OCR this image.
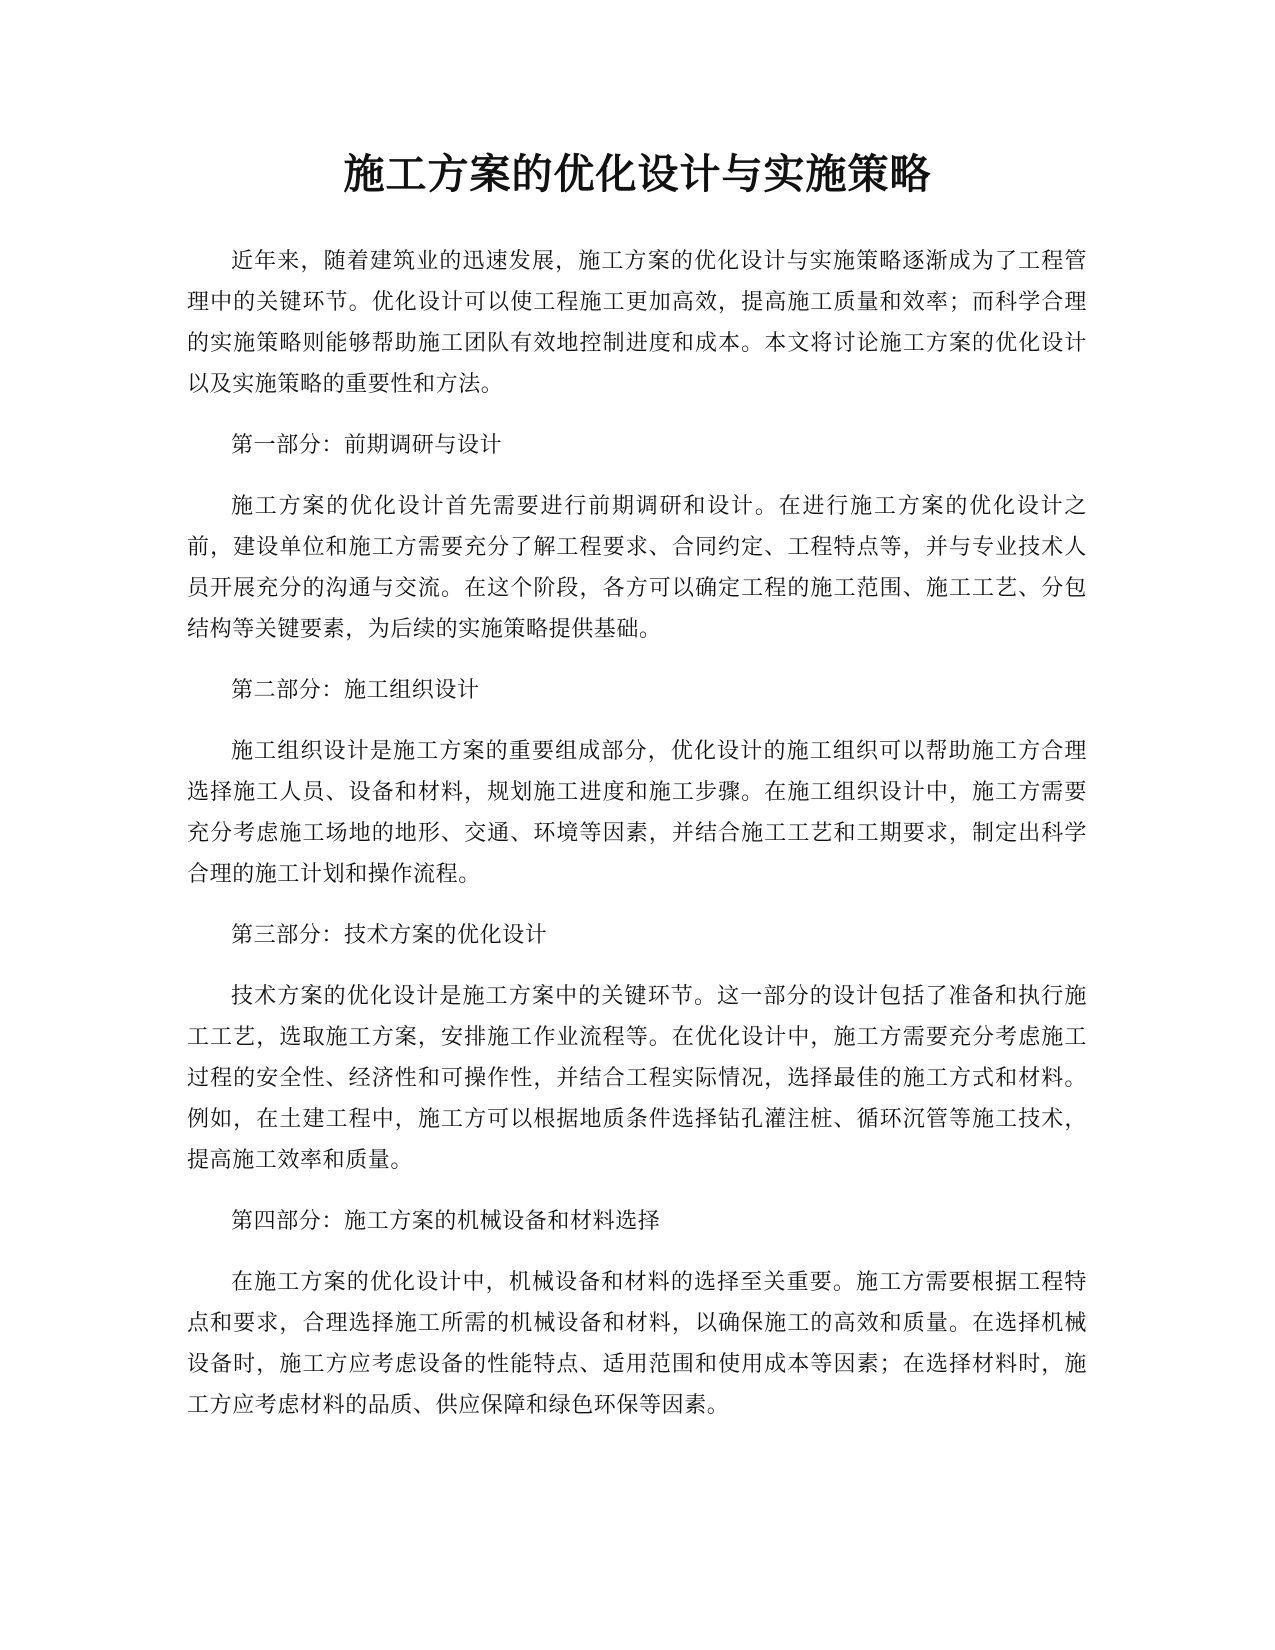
施工方案的优化设计与实施策略

近年来，随着建筑业的迅速发展，施工方案的优化设计与实施策略逐渐成为了工程管理中的关键环节。优化设计可以使工程施工更加高效，提高施工质量和效率；而科学合理的实施策略则能够帮助施工团队有效地控制进度和成本。本文将讨论施工方案的优化设计以及实施策略的重要性和方法。

第一部分：前期调研与设计

施工方案的优化设计首先需要进行前期调研和设计。在进行施工方案的优化设计之前，建设单位和施工方需要充分了解工程要求、合同约定、工程特点等，并与专业技术人员开展充分的沟通与交流。在这个阶段，各方可以确定工程的施工范围、施工工艺、分包结构等关键要素，为后续的实施策略提供基础。

第二部分：施工组织设计

施工组织设计是施工方案的重要组成部分，优化设计的施工组织可以帮助施工方合理选择施工人员、设备和材料，规划施工进度和施工步骤。在施工组织设计中，施工方需要充分考虑施工场地的地形、交通、环境等因素，并结合施工工艺和工期要求，制定出科学合理的施工计划和操作流程。

第三部分：技术方案的优化设计

技术方案的优化设计是施工方案中的关键环节。这一部分的设计包括了准备和执行施工工艺，选取施工方案，安排施工作业流程等。在优化设计中，施工方需要充分考虑施工过程的安全性、经济性和可操作性，并结合工程实际情况，选择最佳的施工方式和材料。例如，在土建工程中，施工方可以根据地质条件选择钻孔灌注桩、循环沉管等施工技术，提高施工效率和质量。

第四部分：施工方案的机械设备和材料选择

在施工方案的优化设计中，机械设备和材料的选择至关重要。施工方需要根据工程特点和要求，合理选择施工所需的机械设备和材料，以确保施工的高效和质量。在选择机械设备时，施工方应考虑设备的性能特点、适用范围和使用成本等因素；在选择材料时，施工方应考虑材料的品质、供应保障和绿色环保等因素。
